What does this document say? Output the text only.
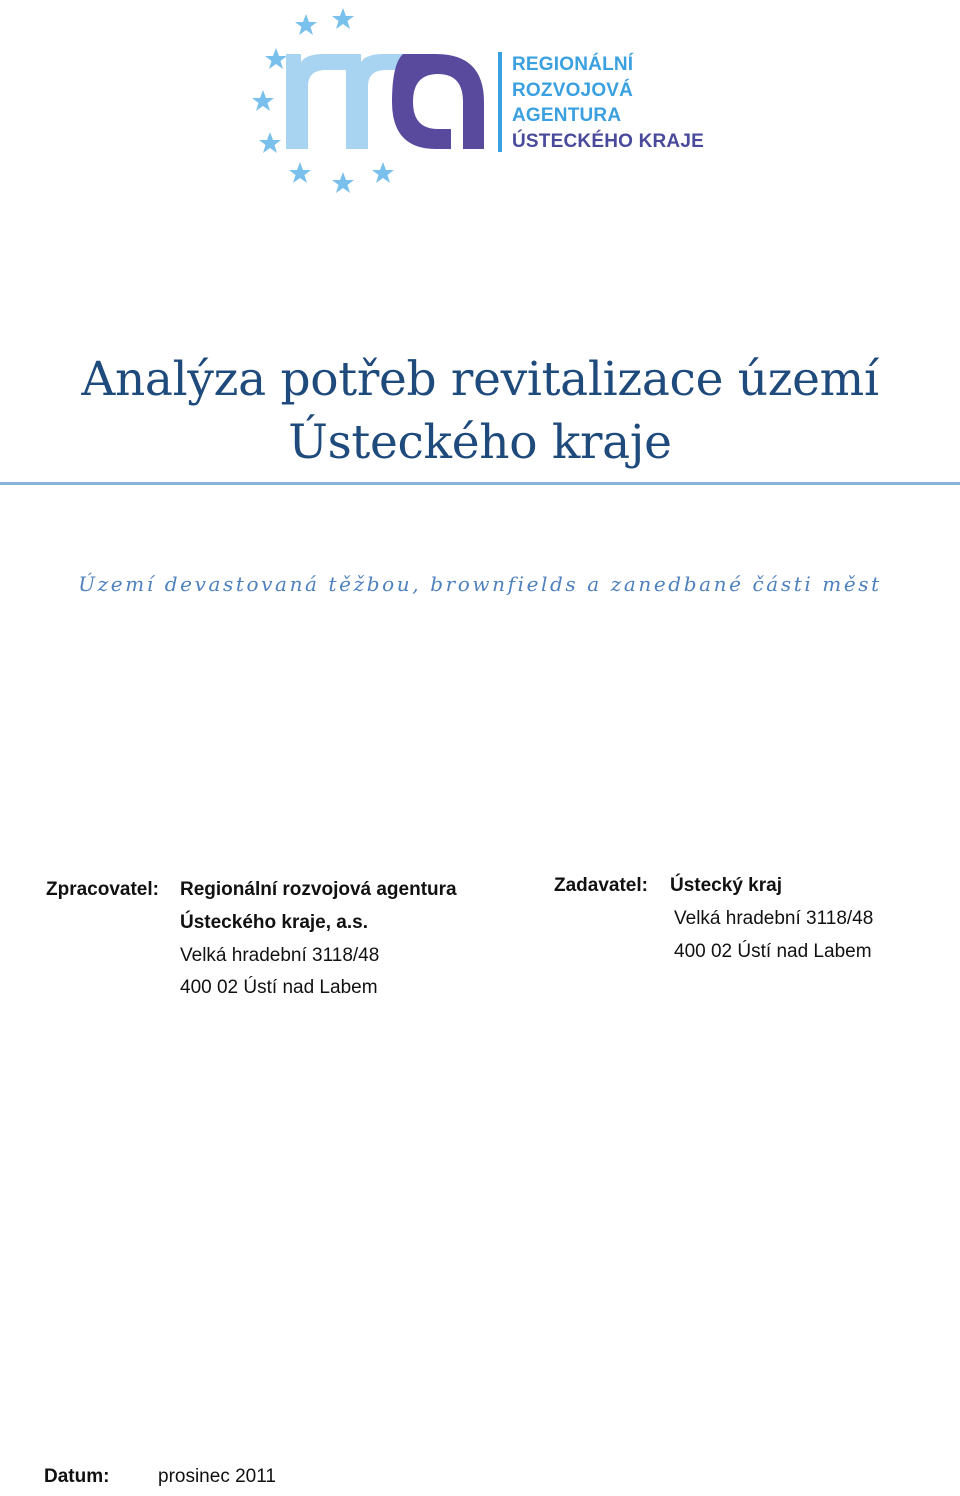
REGIONÁLNÍ
ROZVOJOVÁ
AGENTURA
ÚSTECKÉHO KRAJE
Analýza potřeb revitalizace území
Ústeckého kraje
Území devastovaná těžbou, brownfields a zanedbané části měst
Zpracovatel: Regionální rozvojová agentura
Ústeckého kraje, a.s.
Velká hradební 3118/48
400 02 Ústí nad Labem
Zadavatel: Ústecký kraj
Velká hradební 3118/48
400 02 Ústí nad Labem
Datum:	prosinec 2011
